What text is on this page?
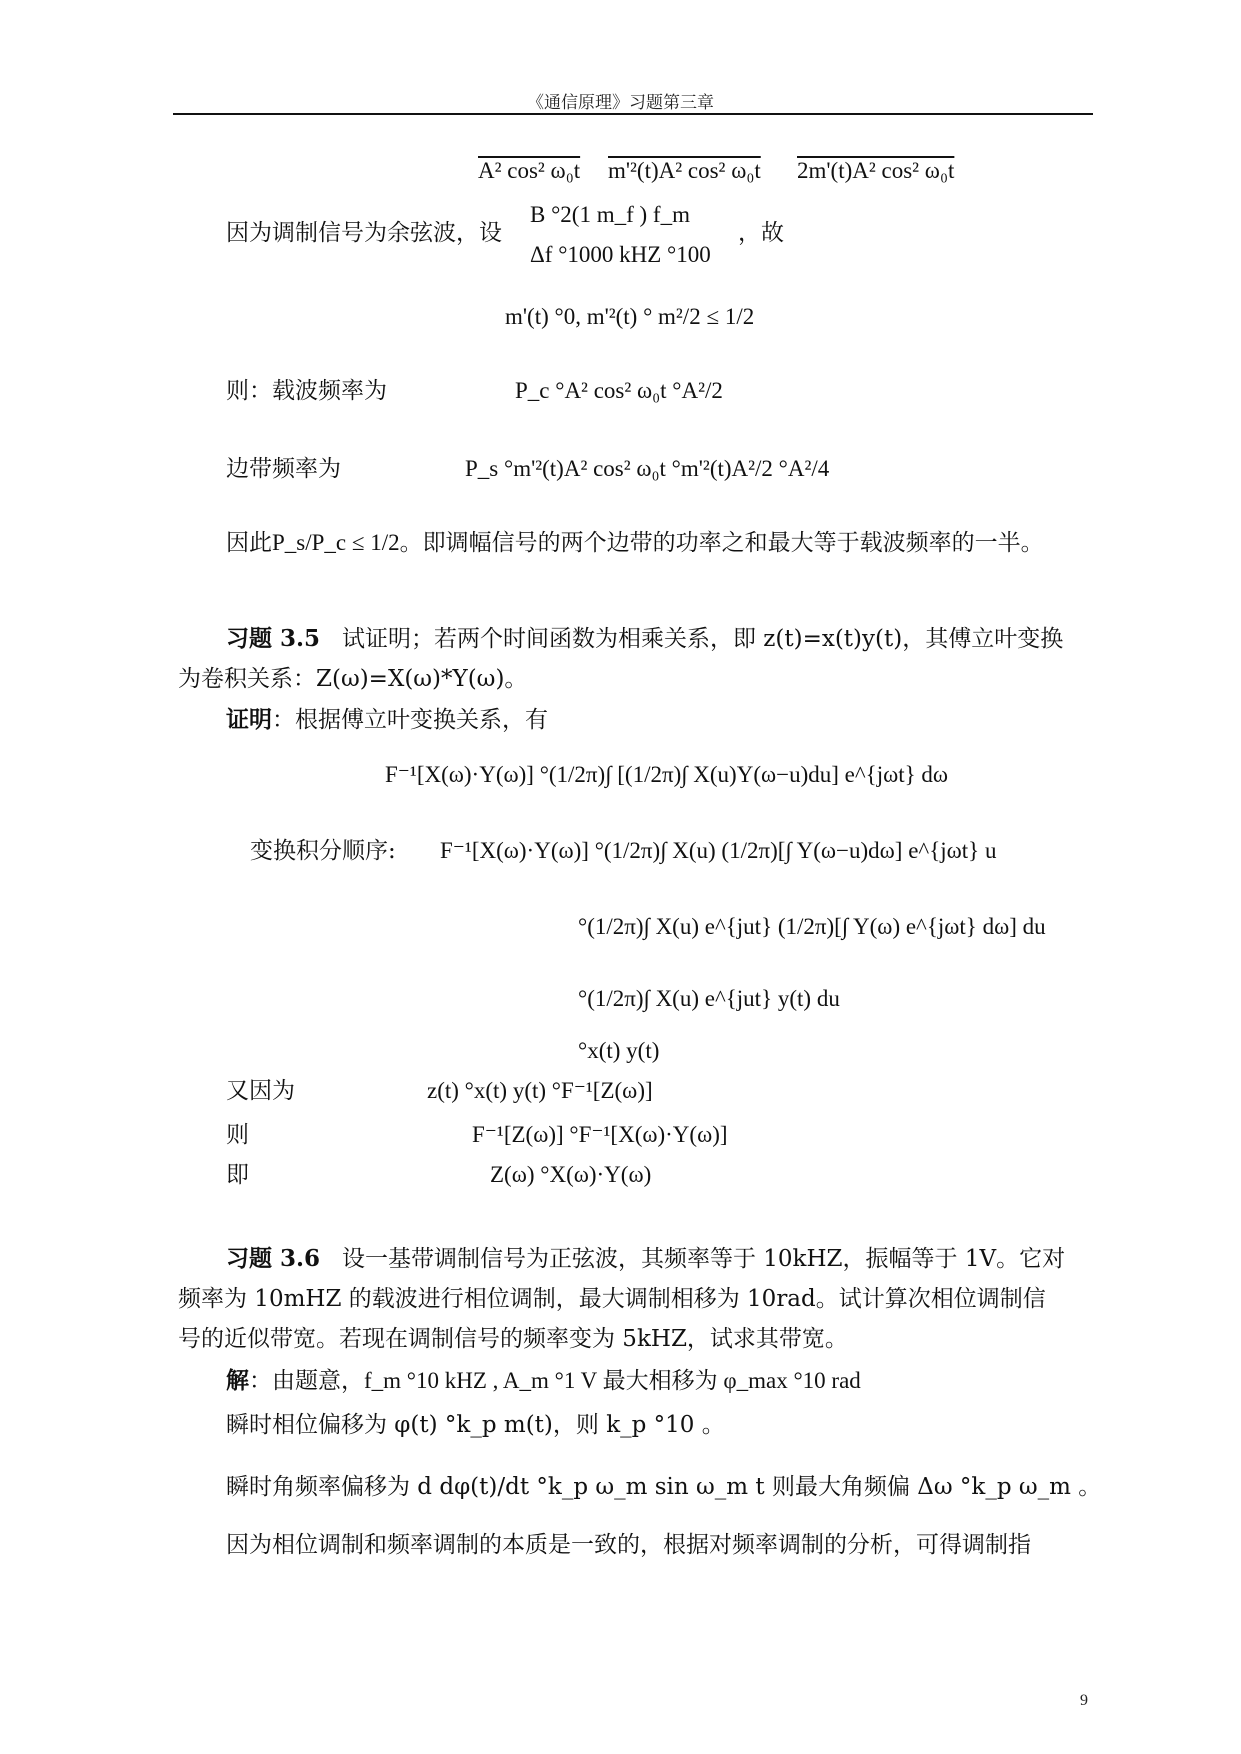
《通信原理》习题第三章
A² cos² ω₀t m'²(t)A² cos² ω₀t 2m'(t)A² cos² ω₀t
因为调制信号为余弦波，设
B °2(1 m_f ) f_m
Δf °1000 kHZ °100
，故
m'(t) °0, m'²(t) ° m²/2 ≤ 1/2
则：载波频率为	P_c °A² cos² ω₀t °A²/2
边带频率为	P_s °m'²(t)A² cos² ω₀t °m'²(t)A²/2 °A²/4
因此P_s/P_c ≤ 1/2。即调幅信号的两个边带的功率之和最大等于载波频率的一半。
习题 3.5 试证明；若两个时间函数为相乘关系，即 z(t)=x(t)y(t)，其傅立叶变换
为卷积关系：Z(ω)=X(ω)*Y(ω)。
证明：根据傅立叶变换关系，有
F⁻¹[X(ω)·Y(ω)] °(1/2π)∫ [(1/2π)∫ X(u)Y(ω−u)du] e^{jωt} dω
变换积分顺序: F⁻¹[X(ω)·Y(ω)] °(1/2π)∫ X(u) (1/2π)[∫ Y(ω−u)dω] e^{jωt} u
°(1/2π)∫ X(u) e^{jut} (1/2π)[∫ Y(ω) e^{jωt} dω] du
°(1/2π)∫ X(u) e^{jut} y(t) du
°x(t) y(t)
又因为	z(t) °x(t) y(t) °F⁻¹[Z(ω)]
则	F⁻¹[Z(ω)] °F⁻¹[X(ω)·Y(ω)]
即	Z(ω) °X(ω)·Y(ω)
习题 3.6 设一基带调制信号为正弦波，其频率等于 10kHZ，振幅等于 1V。它对
频率为 10mHZ 的载波进行相位调制，最大调制相移为 10rad。试计算次相位调制信
号的近似带宽。若现在调制信号的频率变为 5kHZ，试求其带宽。
解：由题意，f_m °10 kHZ , A_m °1 V 最大相移为 φ_max °10 rad
瞬时相位偏移为 φ(t) °k_p m(t)，则 k_p °10 。
瞬时角频率偏移为 d dφ(t)/dt °k_p ω_m sin ω_m t 则最大角频偏 Δω °k_p ω_m 。
因为相位调制和频率调制的本质是一致的，根据对频率调制的分析，可得调制指
9
